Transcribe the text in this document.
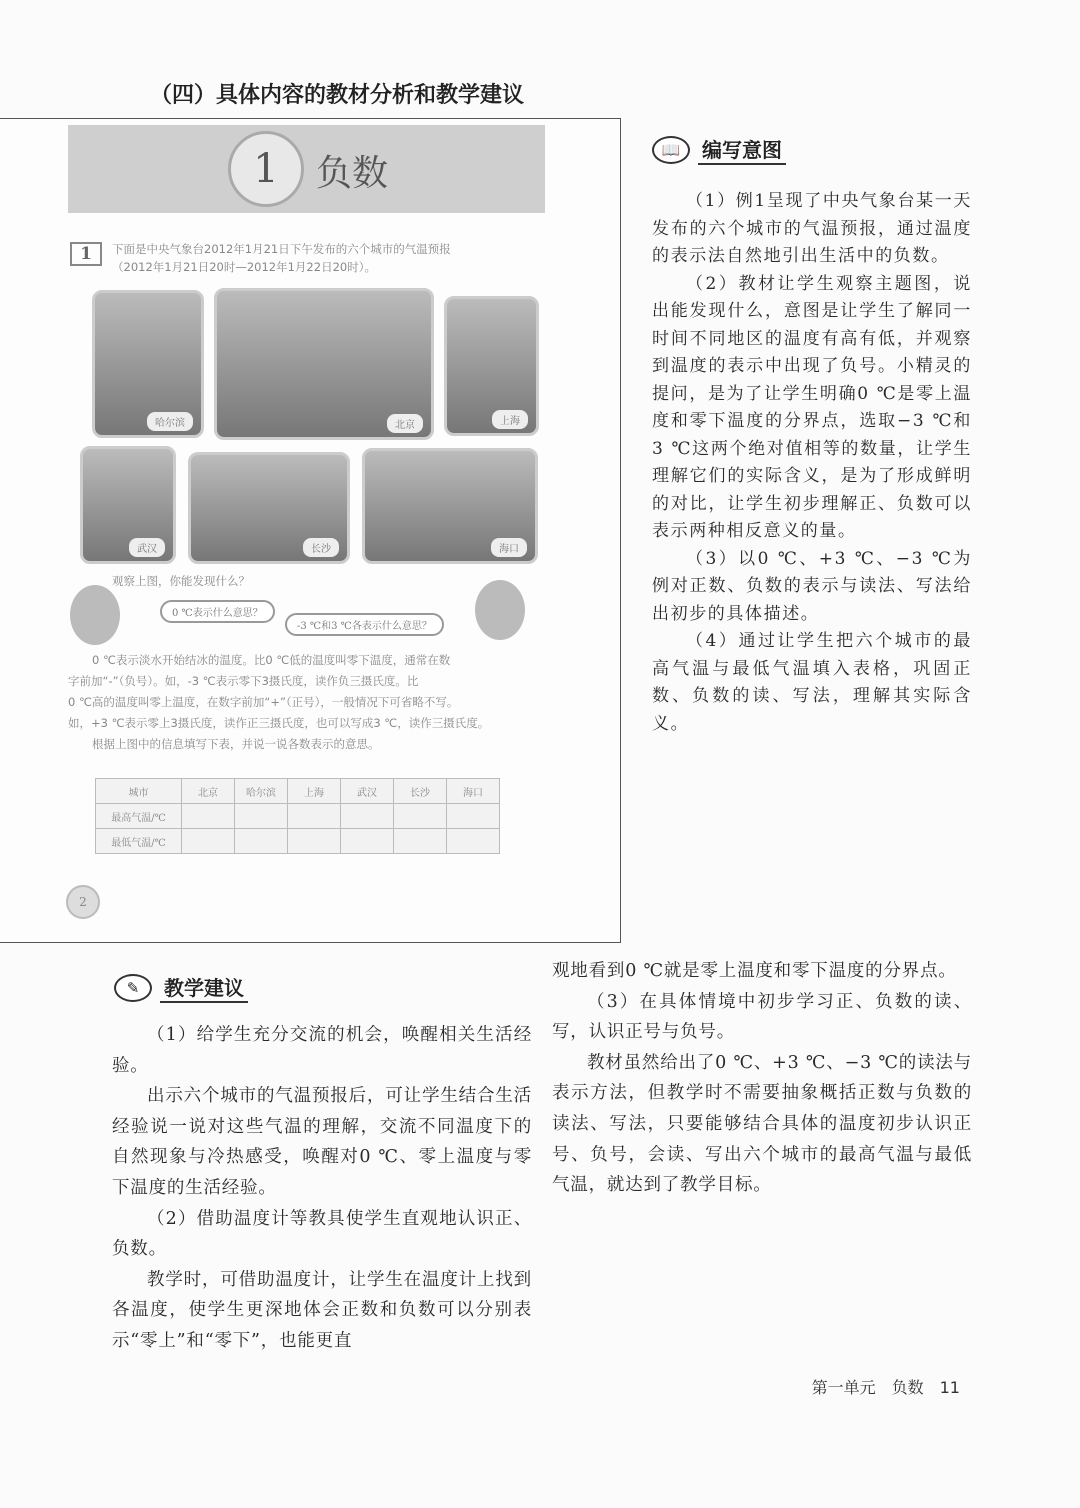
（四）具体内容的教材分析和教学建议
1	负数
1	下面是中央气象台2012年1月21日下午发布的六个城市的气温预报
（2012年1月21日20时—2012年1月22日20时）。
哈尔滨	北京	上海
武汉	长沙	海口
观察上图，你能发现什么？
0 ℃表示什么意思？
-3 ℃和3 ℃各表示什么意思？
0 ℃表示淡水开始结冰的温度。比0 ℃低的温度叫零下温度，通常在数
字前加“-”（负号）。如，-3 ℃表示零下3摄氏度，读作负三摄氏度。比
0 ℃高的温度叫零上温度，在数字前加“+”（正号），一般情况下可省略不写。
如，+3 ℃表示零上3摄氏度，读作正三摄氏度，也可以写成3 ℃，读作三摄氏度。
根据上图中的信息填写下表，并说一说各数表示的意思。
城市	北京	哈尔滨	上海	武汉	长沙	海口
最高气温/℃						
最低气温/℃						
2
📖	编写意图

（1）例1呈现了中央气象台某一天发布的六个城市的气温预报，通过温度的表示法自然地引出生活中的负数。

（2）教材让学生观察主题图，说出能发现什么，意图是让学生了解同一时间不同地区的温度有高有低，并观察到温度的表示中出现了负号。小精灵的提问，是为了让学生明确0 ℃是零上温度和零下温度的分界点，选取−3 ℃和3 ℃这两个绝对值相等的数量，让学生理解它们的实际含义，是为了形成鲜明的对比，让学生初步理解正、负数可以表示两种相反意义的量。

（3）以0 ℃、+3 ℃、−3 ℃为例对正数、负数的表示与读法、写法给出初步的具体描述。

（4）通过让学生把六个城市的最高气温与最低气温填入表格，巩固正数、负数的读、写法，理解其实际含义。

✎	教学建议

（1）给学生充分交流的机会，唤醒相关生活经验。

出示六个城市的气温预报后，可让学生结合生活经验说一说对这些气温的理解，交流不同温度下的自然现象与冷热感受，唤醒对0 ℃、零上温度与零下温度的生活经验。

（2）借助温度计等教具使学生直观地认识正、负数。

教学时，可借助温度计，让学生在温度计上找到各温度，使学生更深地体会正数和负数可以分别表示“零上”和“零下”，也能更直

观地看到0 ℃就是零上温度和零下温度的分界点。

（3）在具体情境中初步学习正、负数的读、写，认识正号与负号。

教材虽然给出了0 ℃、+3 ℃、−3 ℃的读法与表示方法，但教学时不需要抽象概括正数与负数的读法、写法，只要能够结合具体的温度初步认识正号、负号，会读、写出六个城市的最高气温与最低气温，就达到了教学目标。

第一单元　负数　11
